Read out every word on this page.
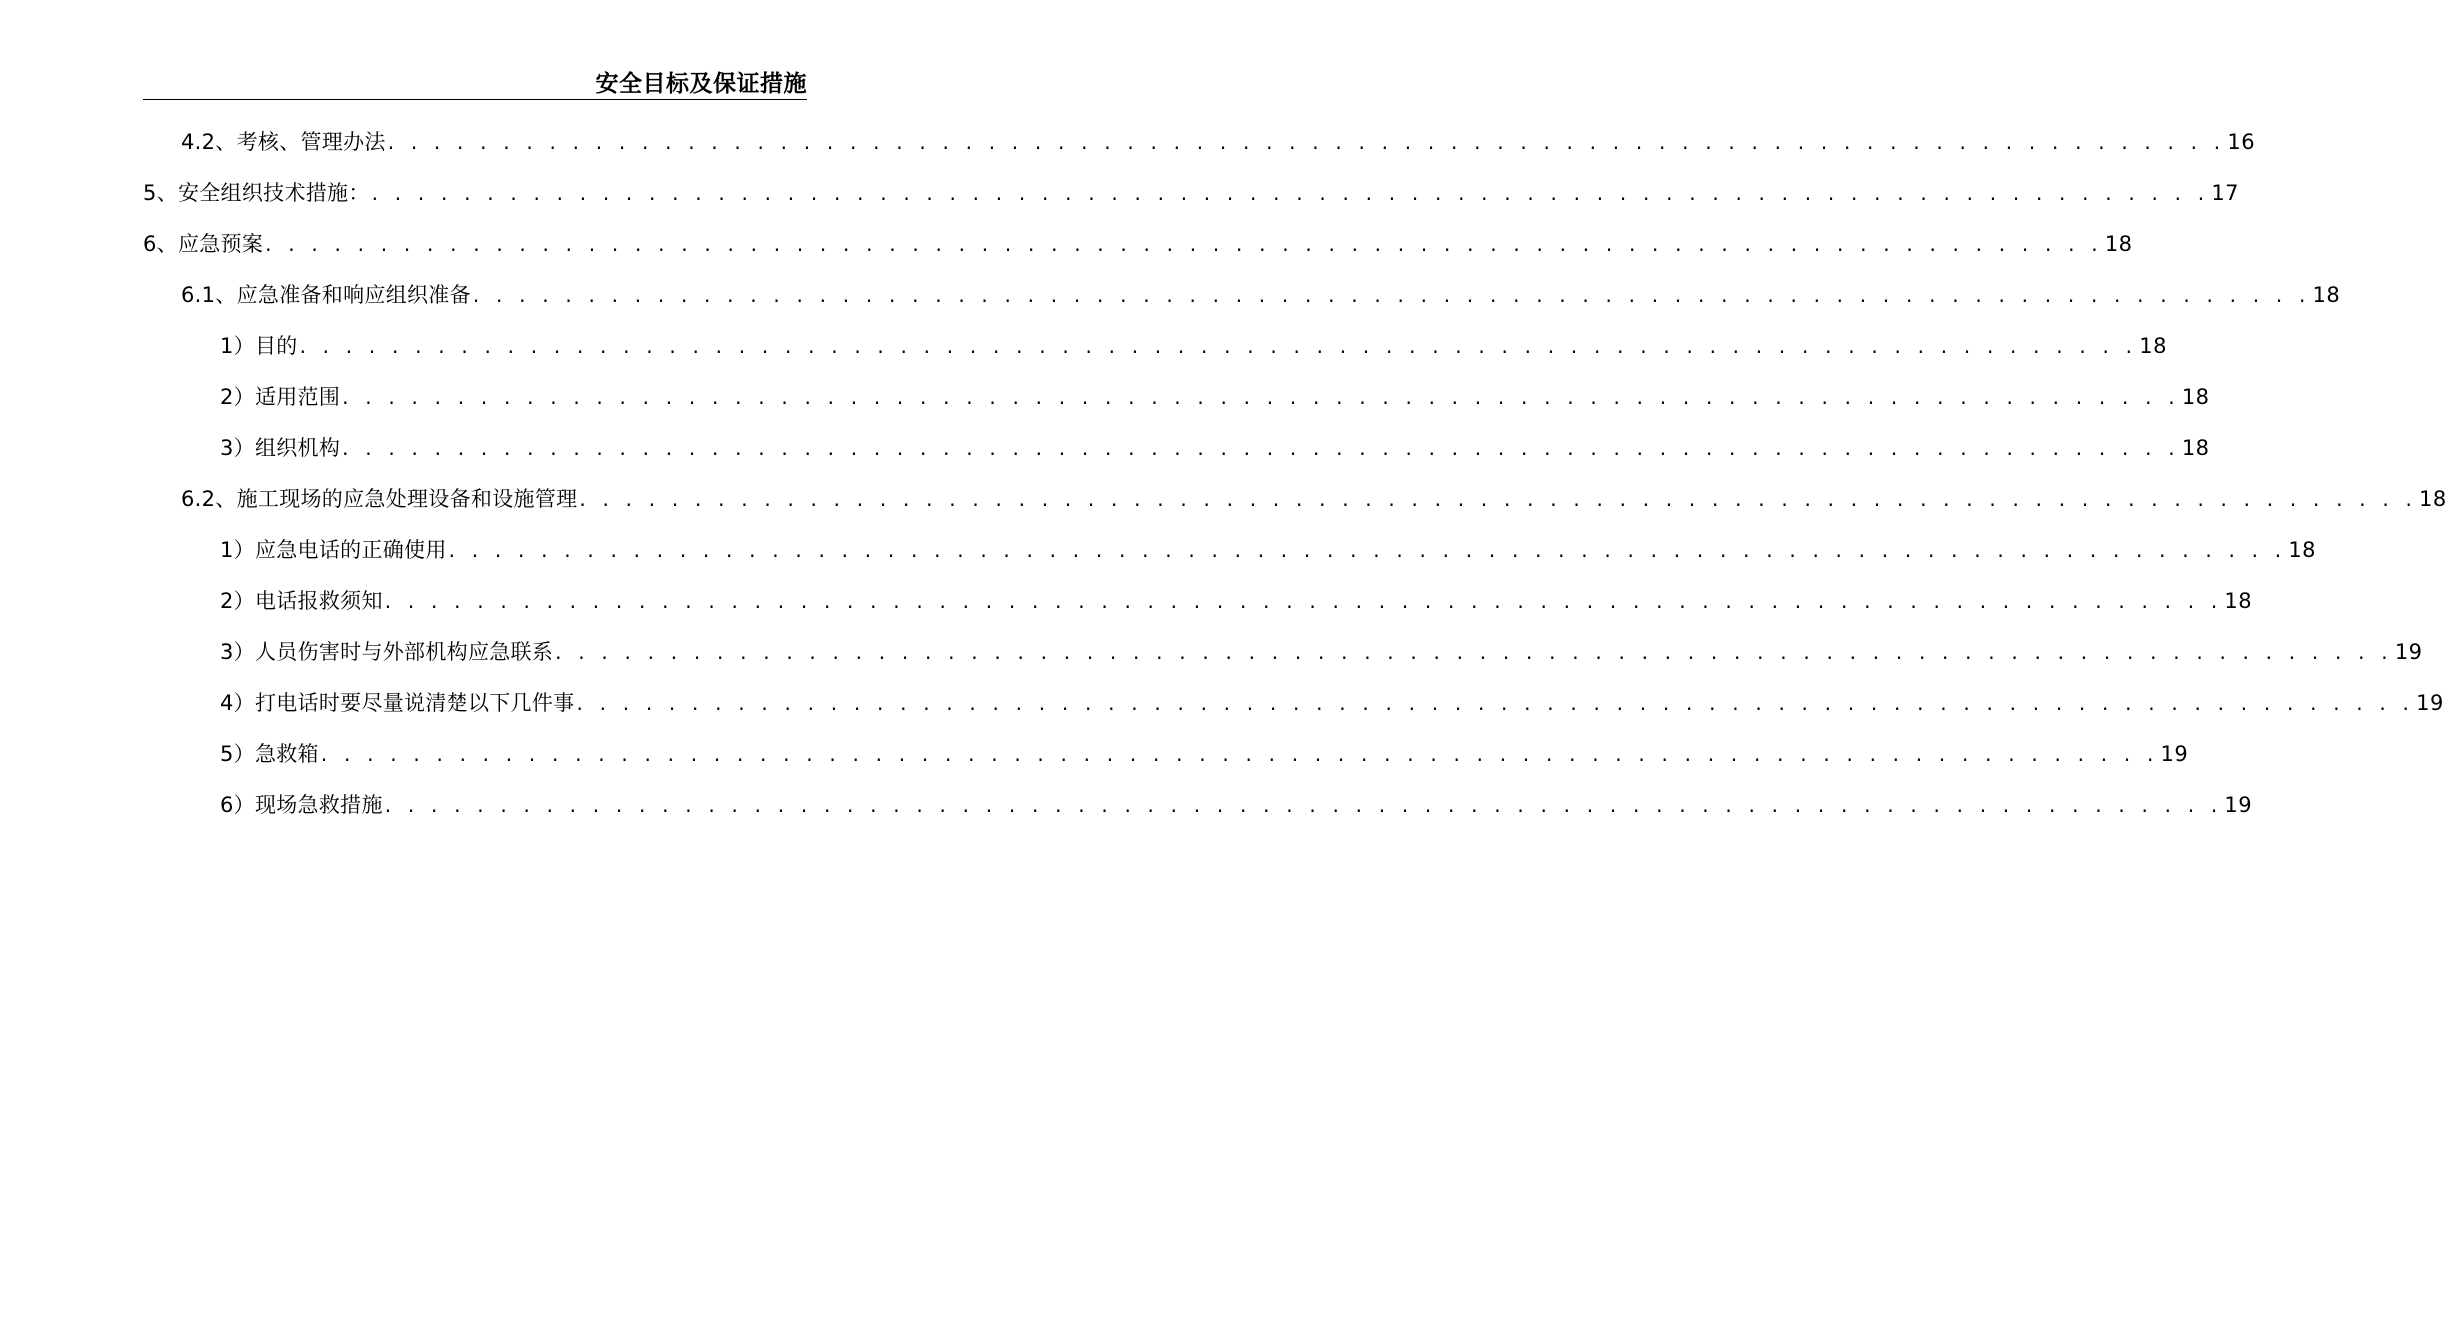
安全目标及保证措施
4.2、考核、管理办法 . . . . . . . . . . . . . . . . . . . . . . . . . . . . . . . . . . . . . . . . . . . . . . . . . . . . . . . . . . . . . . . . . . . . . . . . . . . . . . . . 16
5、安全组织技术措施： . . . . . . . . . . . . . . . . . . . . . . . . . . . . . . . . . . . . . . . . . . . . . . . . . . . . . . . . . . . . . . . . . . . . . . . . . . . . . . . . 17
6、应急预案 . . . . . . . . . . . . . . . . . . . . . . . . . . . . . . . . . . . . . . . . . . . . . . . . . . . . . . . . . . . . . . . . . . . . . . . . . . . . . . . . 18
6.1、应急准备和响应组织准备 . . . . . . . . . . . . . . . . . . . . . . . . . . . . . . . . . . . . . . . . . . . . . . . . . . . . . . . . . . . . . . . . . . . . . . . . . . . . . . . . 18
1）目的 . . . . . . . . . . . . . . . . . . . . . . . . . . . . . . . . . . . . . . . . . . . . . . . . . . . . . . . . . . . . . . . . . . . . . . . . . . . . . . . . 18
2）适用范围 . . . . . . . . . . . . . . . . . . . . . . . . . . . . . . . . . . . . . . . . . . . . . . . . . . . . . . . . . . . . . . . . . . . . . . . . . . . . . . . . 18
3）组织机构 . . . . . . . . . . . . . . . . . . . . . . . . . . . . . . . . . . . . . . . . . . . . . . . . . . . . . . . . . . . . . . . . . . . . . . . . . . . . . . . . 18
6.2、施工现场的应急处理设备和设施管理 . . . . . . . . . . . . . . . . . . . . . . . . . . . . . . . . . . . . . . . . . . . . . . . . . . . . . . . . . . . . . . . . . . . . . . . . . . . . . . . . 18
1）应急电话的正确使用 . . . . . . . . . . . . . . . . . . . . . . . . . . . . . . . . . . . . . . . . . . . . . . . . . . . . . . . . . . . . . . . . . . . . . . . . . . . . . . . . 18
2）电话报救须知 . . . . . . . . . . . . . . . . . . . . . . . . . . . . . . . . . . . . . . . . . . . . . . . . . . . . . . . . . . . . . . . . . . . . . . . . . . . . . . . . 18
3）人员伤害时与外部机构应急联系 . . . . . . . . . . . . . . . . . . . . . . . . . . . . . . . . . . . . . . . . . . . . . . . . . . . . . . . . . . . . . . . . . . . . . . . . . . . . . . . . 19
4）打电话时要尽量说清楚以下几件事 . . . . . . . . . . . . . . . . . . . . . . . . . . . . . . . . . . . . . . . . . . . . . . . . . . . . . . . . . . . . . . . . . . . . . . . . . . . . . . . . 19
5）急救箱 . . . . . . . . . . . . . . . . . . . . . . . . . . . . . . . . . . . . . . . . . . . . . . . . . . . . . . . . . . . . . . . . . . . . . . . . . . . . . . . . 19
6）现场急救措施 . . . . . . . . . . . . . . . . . . . . . . . . . . . . . . . . . . . . . . . . . . . . . . . . . . . . . . . . . . . . . . . . . . . . . . . . . . . . . . . . 19
